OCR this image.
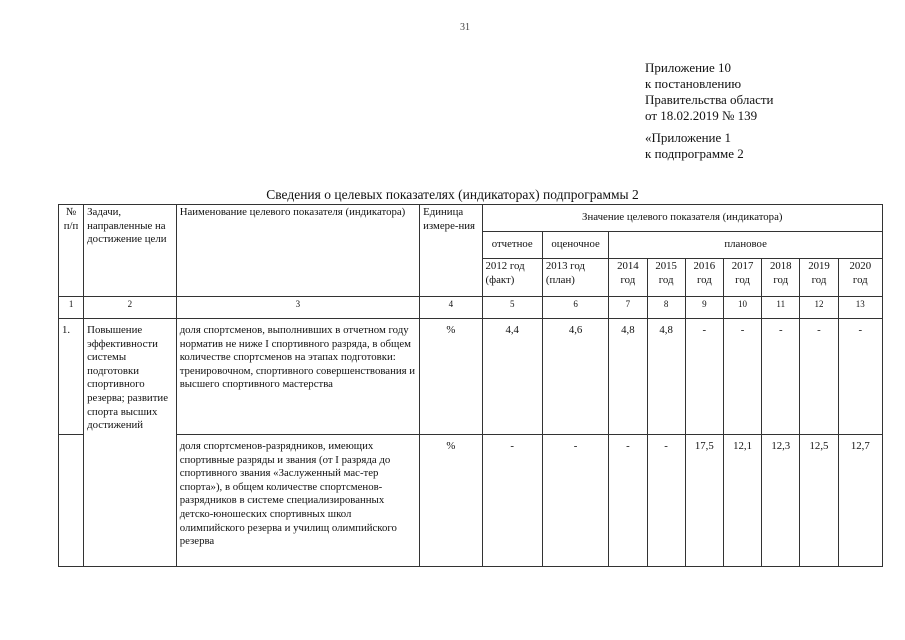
31
Приложение 10
к постановлению
Правительства области
от 18.02.2019 № 139
«Приложение 1
к подпрограмме 2
Сведения о целевых показателях (индикаторах) подпрограммы 2
№ п/п	Задачи, направленные на достижение цели	Наименование целевого показателя (индикатора)	Единица измере-ния	Значение целевого показателя (индикатора)								
				отчетное	оценочное	плановое						
				2012 год (факт)	2013 год (план)	2014 год	2015 год	2016 год	2017 год	2018 год	2019 год	2020 год
1	2	3	4	5	6	7	8	9	10	11	12	13
1.	Повышение эффективности системы подготовки спортивного резерва; развитие спорта высших достижений	доля спортсменов, выполнивших в отчетном году норматив не ниже I спортивного разряда, в общем количестве спортсменов на этапах подготовки: тренировочном, спортивного совершенствования и высшего спортивного мастерства	%	4,4	4,6	4,8	4,8	-	-	-	-	-
		доля спортсменов-разрядников, имеющих спортивные разряды и звания (от I разряда до спортивного звания «Заслуженный мас-тер спорта»), в общем количестве спортсменов-разрядников в системе специализированных детско-юношеских спортивных школ олимпийского резерва и училищ олимпийского резерва	%	-	-	-	-	17,5	12,1	12,3	12,5	12,7
